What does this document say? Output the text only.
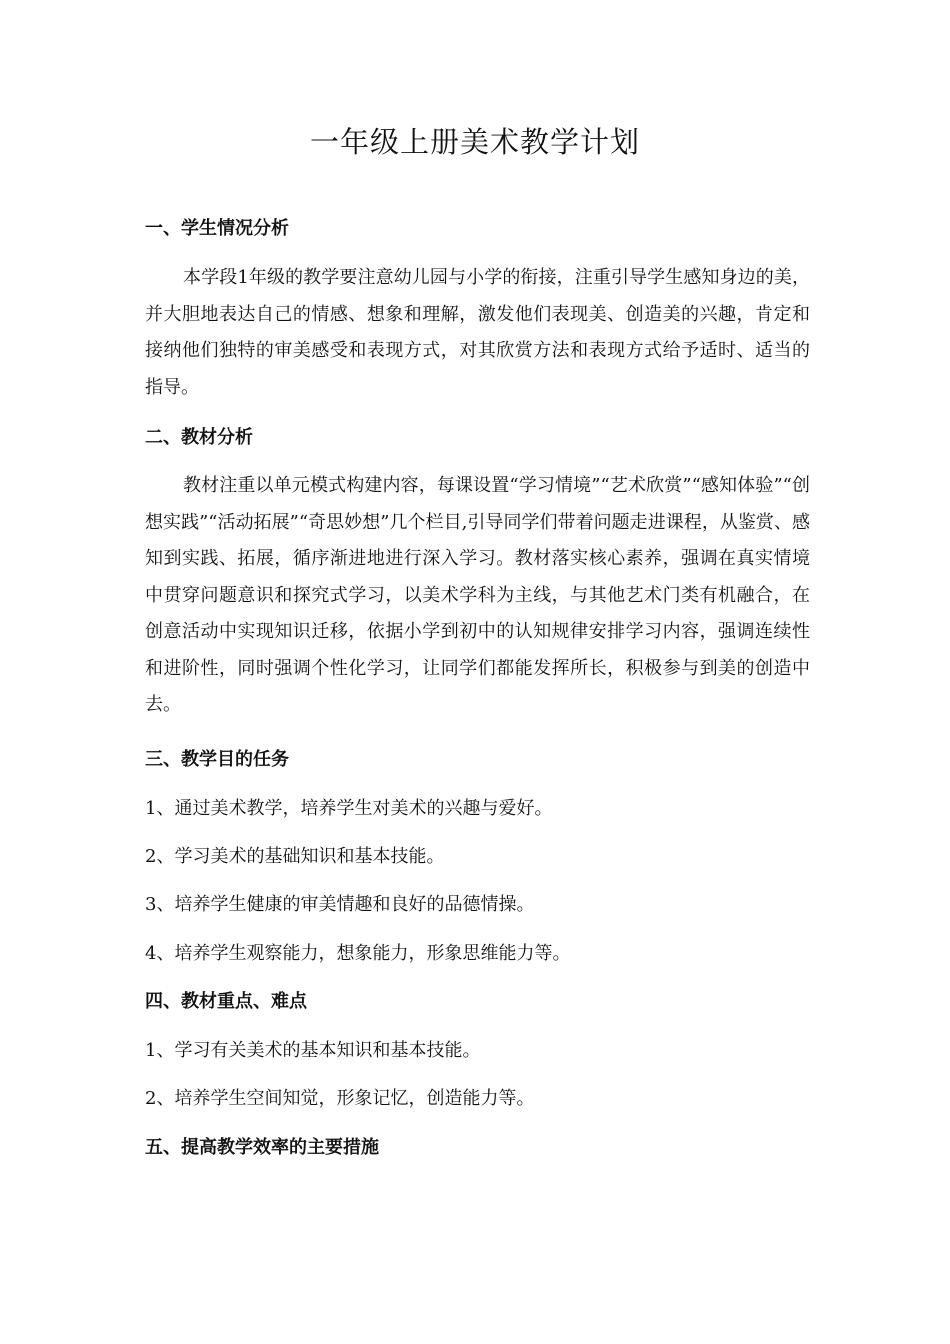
一年级上册美术教学计划
一、学生情况分析

本学段1年级的教学要注意幼儿园与小学的衔接，注重引导学生感知身边的美，并大胆地表达自己的情感、想象和理解，激发他们表现美、创造美的兴趣，肯定和接纳他们独特的审美感受和表现方式，对其欣赏方法和表现方式给予适时、适当的指导。

二、教材分析

教材注重以单元模式构建内容，每课设置“学习情境”“艺术欣赏”“感知体验”“创想实践”“活动拓展”“奇思妙想”几个栏目,引导同学们带着问题走进课程，从鉴赏、感知到实践、拓展，循序渐进地进行深入学习。教材落实核心素养，强调在真实情境中贯穿问题意识和探究式学习，以美术学科为主线，与其他艺术门类有机融合，在创意活动中实现知识迁移，依据小学到初中的认知规律安排学习内容，强调连续性和进阶性，同时强调个性化学习，让同学们都能发挥所长，积极参与到美的创造中去。

三、教学目的任务
1、通过美术教学，培养学生对美术的兴趣与爱好。
2、学习美术的基础知识和基本技能。
3、培养学生健康的审美情趣和良好的品德情操。
4、培养学生观察能力，想象能力，形象思维能力等。
四、教材重点、难点
1、学习有关美术的基本知识和基本技能。
2、培养学生空间知觉，形象记忆，创造能力等。
五、提高教学效率的主要措施
